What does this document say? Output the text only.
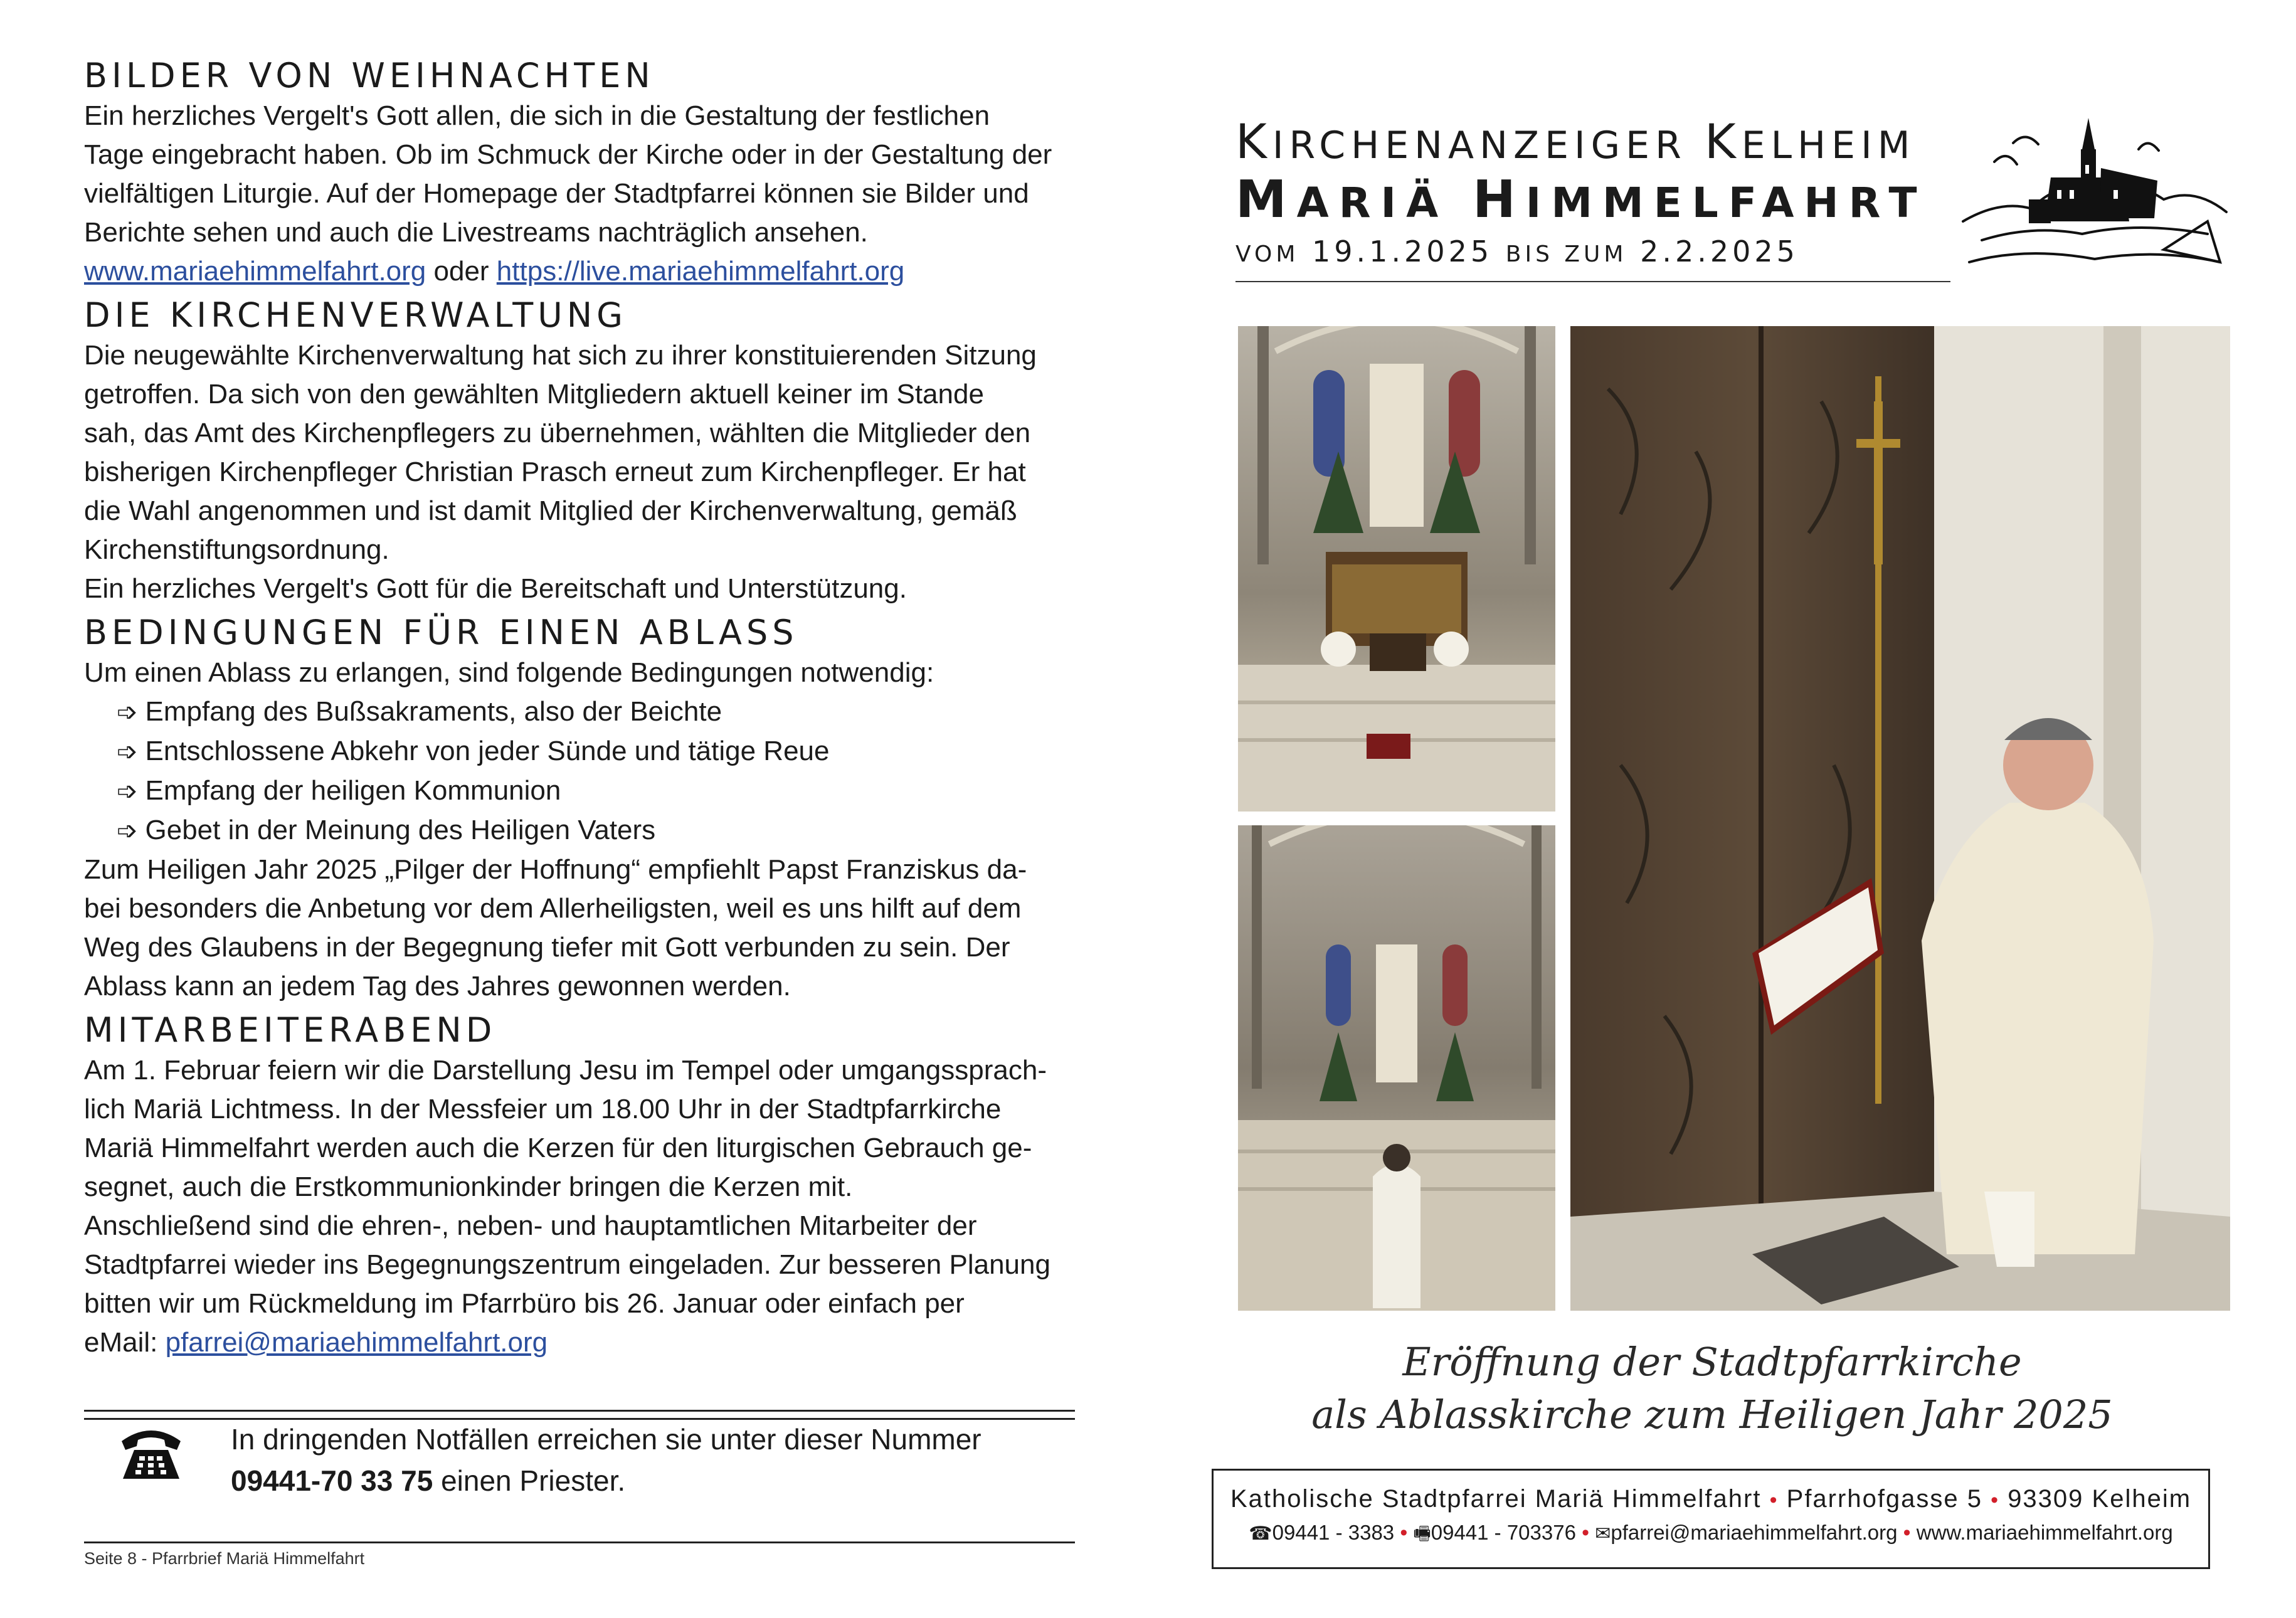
BILDER VON WEIHNACHTEN

Ein herzliches Vergelt's Gott allen, die sich in die Gestaltung der festlichen

Tage eingebracht haben. Ob im Schmuck der Kirche oder in der Gestaltung der

vielfältigen Liturgie. Auf der Homepage der Stadtpfarrei können sie Bilder und

Berichte sehen und auch die Livestreams nachträglich ansehen.

www.mariaehimmelfahrt.org oder https://live.mariaehimmelfahrt.org

DIE KIRCHENVERWALTUNG

Die neugewählte Kirchenverwaltung hat sich zu ihrer konstituierenden Sitzung

getroffen. Da sich von den gewählten Mitgliedern aktuell keiner im Stande

sah, das Amt des Kirchenpflegers zu übernehmen, wählten die Mitglieder den

bisherigen Kirchenpfleger Christian Prasch erneut zum Kirchenpfleger. Er hat

die Wahl angenommen und ist damit Mitglied der Kirchenverwaltung, gemäß

Kirchenstiftungsordnung.

Ein herzliches Vergelt's Gott für die Bereitschaft und Unterstützung.

BEDINGUNGEN FÜR EINEN ABLASS

Um einen Ablass zu erlangen, sind folgende Bedingungen notwendig:

➩ Empfang des Bußsakraments, also der Beichte
➩ Entschlossene Abkehr von jeder Sünde und tätige Reue
➩ Empfang der heiligen Kommunion
➩ Gebet in der Meinung des Heiligen Vaters

Zum Heiligen Jahr 2025 „Pilger der Hoffnung“ empfiehlt Papst Franziskus da-

bei besonders die Anbetung vor dem Allerheiligsten, weil es uns hilft auf dem

Weg des Glaubens in der Begegnung tiefer mit Gott verbunden zu sein. Der

Ablass kann an jedem Tag des Jahres gewonnen werden.

MITARBEITERABEND

Am 1. Februar feiern wir die Darstellung Jesu im Tempel oder umgangssprach-

lich Mariä Lichtmess. In der Messfeier um 18.00 Uhr in der Stadtpfarrkirche

Mariä Himmelfahrt werden auch die Kerzen für den liturgischen Gebrauch ge-

segnet, auch die Erstkommunionkinder bringen die Kerzen mit.

Anschließend sind die ehren-, neben- und hauptamtlichen Mitarbeiter der

Stadtpfarrei wieder ins Begegnungszentrum eingeladen. Zur besseren Planung

bitten wir um Rückmeldung im Pfarrbüro bis 26. Januar oder einfach per

eMail: pfarrei@mariaehimmelfahrt.org

In dringenden Notfällen erreichen sie unter dieser Nummer
09441-70 33 75 einen Priester.
Seite 8 - Pfarrbrief Mariä Himmelfahrt
KIRCHENANZEIGER KELHEIM
MARIÄ HIMMELFAHRT
VOM 19.1.2025 BIS ZUM 2.2.2025
Eröffnung der Stadtpfarrkirche
als Ablasskirche zum Heiligen Jahr 2025
Katholische Stadtpfarrei Mariä Himmelfahrt • Pfarrhofgasse 5 • 93309 Kelheim
☎09441 - 3383 • 🖷09441 - 703376 • ✉pfarrei@mariaehimmelfahrt.org • www.mariaehimmelfahrt.org
